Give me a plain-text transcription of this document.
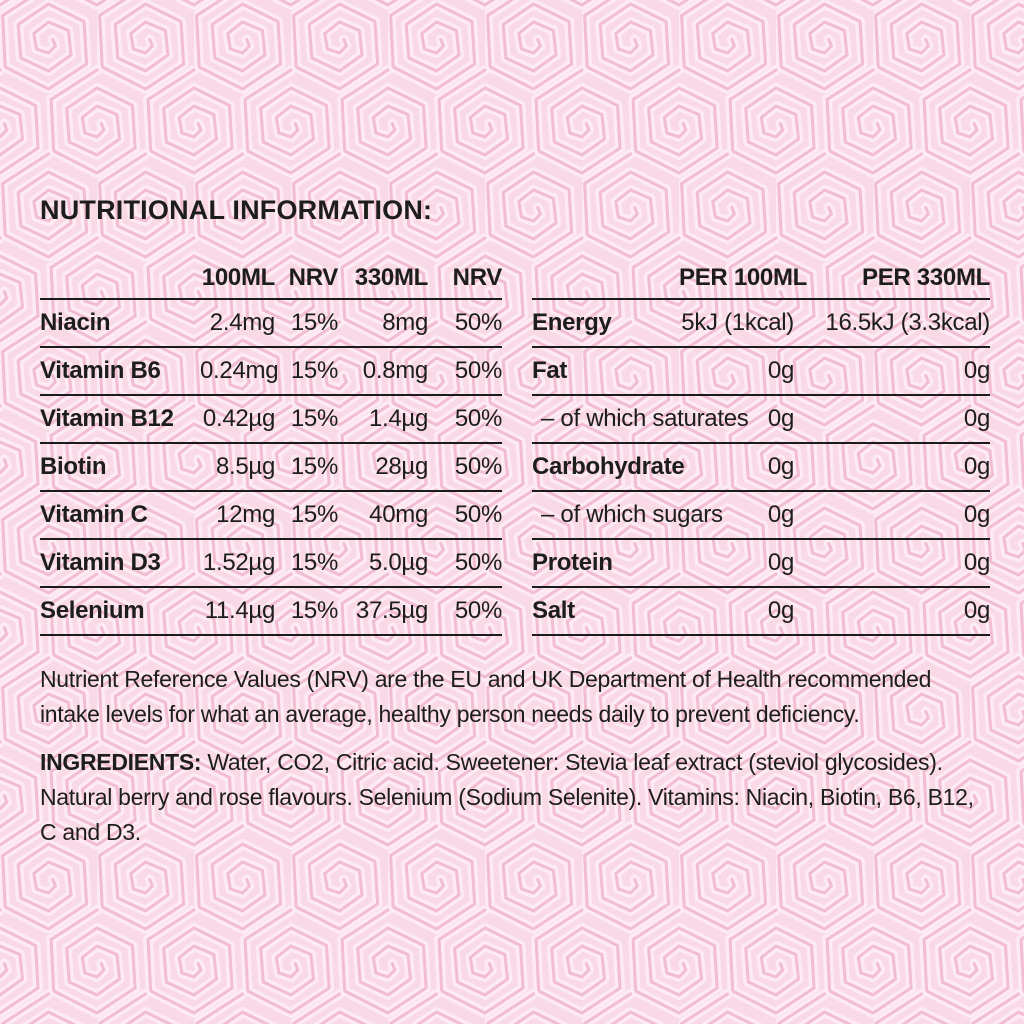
NUTRITIONAL INFORMATION:
100ML NRV 330ML	NRV
Niacin	2.4mg 15%	8mg	50%
Vitamin B6	0.24mg 15%	0.8mg	50%
Vitamin B12	0.42µg 15%	1.4µg	50%
Biotin	8.5µg 15%	28µg	50%
Vitamin C	12mg 15%	40mg	50%
Vitamin D3	1.52µg 15%	5.0µg	50%
Selenium	11.4µg 15% 37.5µg	50%
PER 100ML	PER 330ML
Energy	5kJ (1kcal)	16.5kJ (3.3kcal)
Fat	0g	0g
– of which saturates 0g	0g
Carbohydrate	0g	0g
– of which sugars	0g	0g
Protein	0g	0g
Salt	0g	0g

Nutrient Reference Values (NRV) are the EU and UK Department of Health recommended intake levels for what an average, healthy person needs daily to prevent deficiency.

INGREDIENTS: Water, CO2, Citric acid. Sweetener: Stevia leaf extract (steviol glycosides). Natural berry and rose flavours. Selenium (Sodium Selenite). Vitamins: Niacin, Biotin, B6, B12, C and D3.
